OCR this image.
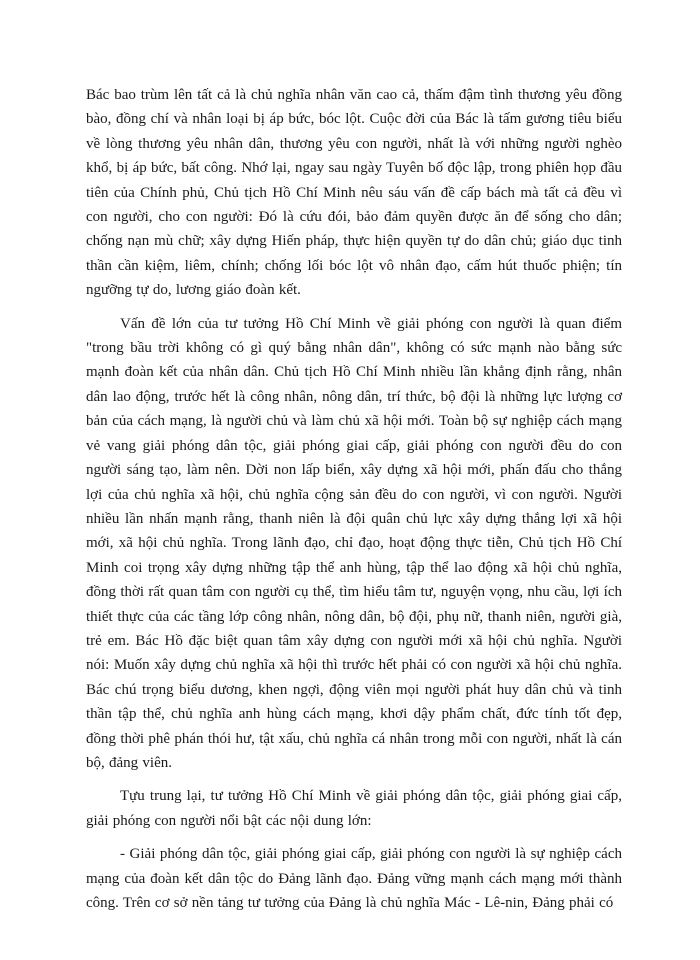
Bác bao trùm lên tất cả là chủ nghĩa nhân văn cao cả, thấm đậm tình thương yêu đồng bào, đồng chí và nhân loại bị áp bức, bóc lột. Cuộc đời của Bác là tấm gương tiêu biểu về lòng thương yêu nhân dân, thương yêu con người, nhất là với những người nghèo khổ, bị áp bức, bất công. Nhớ lại, ngay sau ngày Tuyên bố độc lập, trong phiên họp đầu tiên của Chính phủ, Chủ tịch Hồ Chí Minh nêu sáu vấn đề cấp bách mà tất cả đều vì con người, cho con người: Đó là cứu đói, bảo đảm quyền được ăn để sống cho dân; chống nạn mù chữ; xây dựng Hiến pháp, thực hiện quyền tự do dân chủ; giáo dục tinh thần cần kiệm, liêm, chính; chống lối bóc lột vô nhân đạo, cấm hút thuốc phiện; tín ngưỡng tự do, lương giáo đoàn kết.

Vấn đề lớn của tư tưởng Hồ Chí Minh về giải phóng con người là quan điểm "trong bầu trời không có gì quý bằng nhân dân", không có sức mạnh nào bằng sức mạnh đoàn kết của nhân dân. Chủ tịch Hồ Chí Minh nhiều lần khẳng định rằng, nhân dân lao động, trước hết là công nhân, nông dân, trí thức, bộ đội là những lực lượng cơ bản của cách mạng, là người chủ và làm chủ xã hội mới. Toàn bộ sự nghiệp cách mạng vẻ vang giải phóng dân tộc, giải phóng giai cấp, giải phóng con người đều do con người sáng tạo, làm nên. Dời non lấp biển, xây dựng xã hội mới, phấn đấu cho thắng lợi của chủ nghĩa xã hội, chủ nghĩa cộng sản đều do con người, vì con người. Người nhiều lần nhấn mạnh rằng, thanh niên là đội quân chủ lực xây dựng thắng lợi xã hội mới, xã hội chủ nghĩa. Trong lãnh đạo, chỉ đạo, hoạt động thực tiễn, Chủ tịch Hồ Chí Minh coi trọng xây dựng những tập thể anh hùng, tập thể lao động xã hội chủ nghĩa, đồng thời rất quan tâm con người cụ thể, tìm hiểu tâm tư, nguyện vọng, nhu cầu, lợi ích thiết thực của các tầng lớp công nhân, nông dân, bộ đội, phụ nữ, thanh niên, người già, trẻ em. Bác Hồ đặc biệt quan tâm xây dựng con người mới xã hội chủ nghĩa. Người nói: Muốn xây dựng chủ nghĩa xã hội thì trước hết phải có con người xã hội chủ nghĩa. Bác chú trọng biểu dương, khen ngợi, động viên mọi người phát huy dân chủ và tinh thần tập thể, chủ nghĩa anh hùng cách mạng, khơi dậy phẩm chất, đức tính tốt đẹp, đồng thời phê phán thói hư, tật xấu, chủ nghĩa cá nhân trong mỗi con người, nhất là cán bộ, đảng viên.

Tựu trung lại, tư tưởng Hồ Chí Minh về giải phóng dân tộc, giải phóng giai cấp, giải phóng con người nổi bật các nội dung lớn:

- Giải phóng dân tộc, giải phóng giai cấp, giải phóng con người là sự nghiệp cách mạng của đoàn kết dân tộc do Đảng lãnh đạo. Đảng vững mạnh cách mạng mới thành công. Trên cơ sở nền tảng tư tưởng của Đảng là chủ nghĩa Mác - Lê-nin, Đảng phải có
